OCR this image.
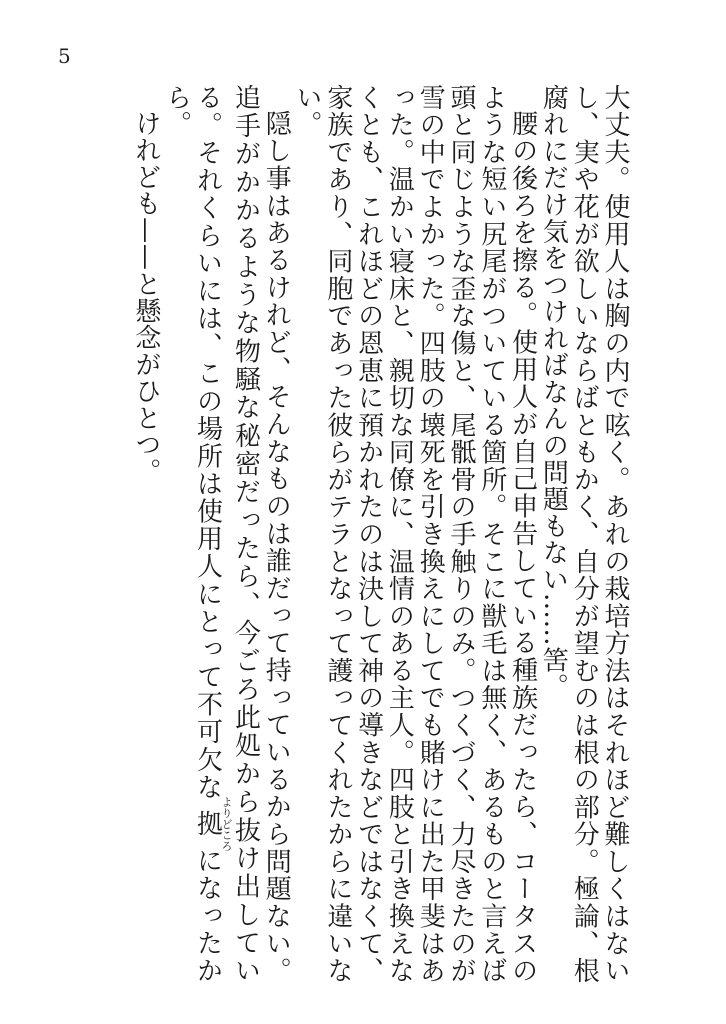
5

大丈夫。使用人は胸の内で呟く。あれの栽培方法はそれほど難しくはないし、実や花が欲しいならばともかく、自分が望むのは根の部分。極論、根腐れにだけ気をつければなんの問題もない……筈。

腰の後ろを擦る。使用人が自己申告している種族だったら、コータスのような短い尻尾がついている箇所。そこに獣毛は無く、あるものと言えば頭と同じような歪な傷と、尾骶骨の手触りのみ。つくづく、力尽きたのが雪の中でよかった。四肢の壊死を引き換えにしてでも賭けに出た甲斐はあった。温かい寝床と、親切な同僚に、温情のある主人。四肢と引き換えなくとも、これほどの恩恵に預かれたのは決して神の導きなどではなくて、家族であり、同胞であった彼らがテラとなって護ってくれたからに違いない。

隠し事はあるけれど、そんなものは誰だって持っているから問題ない。追手がかかるような物騒な秘密だったら、今ごろ此処から抜け出している。それくらいには、この場所は使用人にとって不可欠な拠よりどころになったから。

けれども——と懸念がひとつ。
